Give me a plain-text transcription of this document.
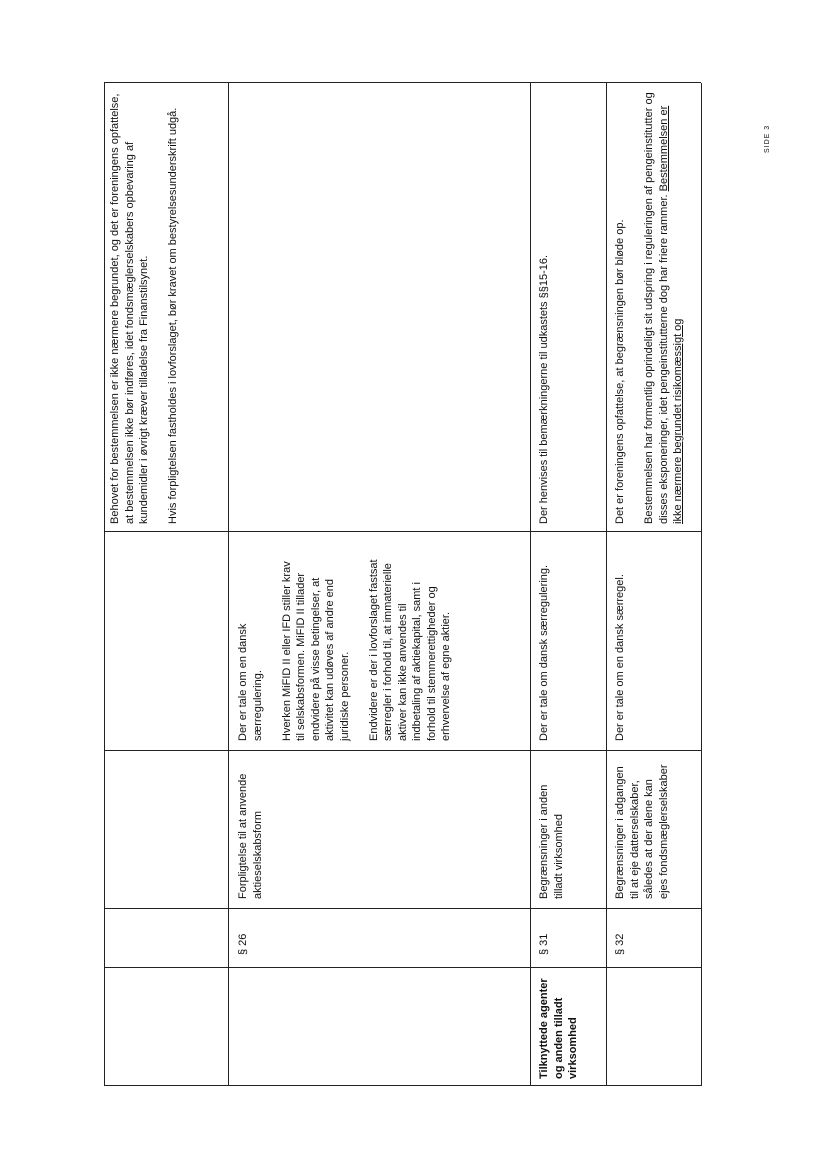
Behovet for bestemmelsen er ikke nærmere begrundet, og det er foreningens opfattelse, at bestemmelsen ikke bør indføres, idet fondsmæglerselskabers opbevaring af kundemidler i øvrigt kræver tilladelse fra Finanstilsynet. Hvis forpligtelsen fastholdes i lovforslaget, bør kravet om bestyrelsesunderskrift udgå.

§ 26
Forpligtelse til at anvende aktieselskabsform

Der er tale om en dansk særregulering. Hverken MiFID II eller IFD stiller krav til selskabsformen. MiFID II tillader endvidere på visse betingelser, at aktivitet kan udøves af andre end juridiske personer. Endvidere er der i lovforslaget fastsat særregler i forhold til, at immaterielle aktiver kan ikke anvendes til indbetaling af aktiekapital, samt i forhold til stemmerettigheder og erhvervelse af egne aktier.

Tilknyttede agenter og anden tilladt virksomhed
§ 31
Begrænsninger i anden tilladt virksomhed
Der er tale om dansk særregulering.
Der henvises til bemærkningerne til udkastets §§15-16.
§ 32
Begrænsninger i adgangen til at eje datterselskaber, således at der alene kan ejes fondsmæglerselskaber
Der er tale om en dansk særregel.

Det er foreningens opfattelse, at begrænsningen bør bløde op. Bestemmelsen har formentlig oprindeligt sit udspring i reguleringen af pengeinstitutter og disses eksponeringer, idet pengeinstitutterne dog har friere rammer. Bestemmelsen er ikke nærmere begrundet risikomæssigt og

SIDE 3
